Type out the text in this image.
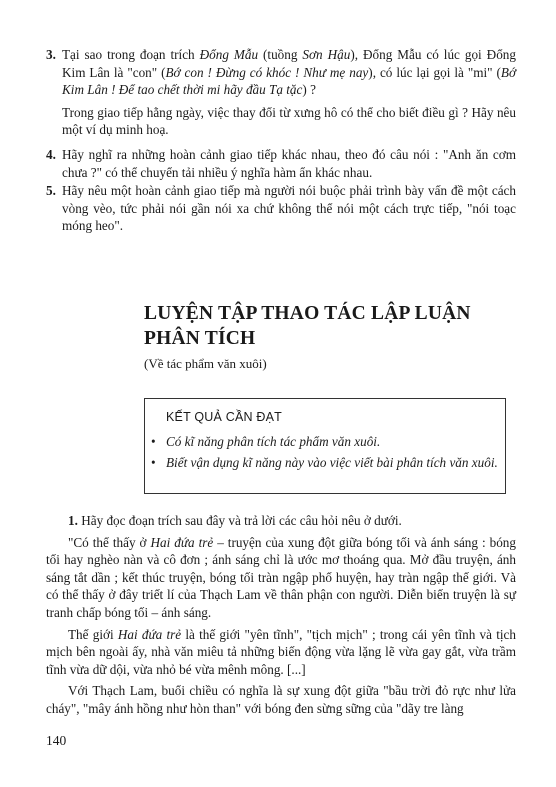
3. Tại sao trong đoạn trích Đổng Mẫu (tuồng Sơn Hậu), Đổng Mẫu có lúc gọi Đổng Kim Lân là "con" (Bớ con ! Đừng có khóc ! Như mẹ nay), có lúc lại gọi là "mi" (Bớ Kim Lân ! Để tao chết thời mi hãy đầu Tạ tặc) ?

Trong giao tiếp hằng ngày, việc thay đổi từ xưng hô có thể cho biết điều gì ? Hãy nêu một ví dụ minh hoạ.

4. Hãy nghĩ ra những hoàn cảnh giao tiếp khác nhau, theo đó câu nói : "Anh ăn cơm chưa ?" có thể chuyển tải nhiều ý nghĩa hàm ẩn khác nhau.

5. Hãy nêu một hoàn cảnh giao tiếp mà người nói buộc phải trình bày vấn đề một cách vòng vèo, tức phải nói gần nói xa chứ không thể nói một cách trực tiếp, "nói toạc móng heo".

LUYỆN TẬP THAO TÁC LẬP LUẬN PHÂN TÍCH
(Về tác phẩm văn xuôi)
KẾT QUẢ CẦN ĐẠT
• Có kĩ năng phân tích tác phẩm văn xuôi.
• Biết vận dụng kĩ năng này vào việc viết bài phân tích văn xuôi.

1. Hãy đọc đoạn trích sau đây và trả lời các câu hỏi nêu ở dưới.

"Có thể thấy ở Hai đứa trẻ – truyện của xung đột giữa bóng tối và ánh sáng : bóng tối hay nghèo nàn và cô đơn ; ánh sáng chỉ là ước mơ thoáng qua. Mở đầu truyện, ánh sáng tắt dần ; kết thúc truyện, bóng tối tràn ngập phố huyện, hay tràn ngập thế giới. Và có thể thấy ở đây triết lí của Thạch Lam về thân phận con người. Diễn biến truyện là sự tranh chấp bóng tối – ánh sáng.

Thế giới Hai đứa trẻ là thế giới "yên tĩnh", "tịch mịch" ; trong cái yên tĩnh và tịch mịch bên ngoài ấy, nhà văn miêu tả những biến động vừa lặng lẽ vừa gay gắt, vừa trầm tĩnh vừa dữ dội, vừa nhỏ bé vừa mênh mông. [...]

Với Thạch Lam, buổi chiều có nghĩa là sự xung đột giữa "bầu trời đỏ rực như lửa cháy", "mây ánh hồng như hòn than" với bóng đen sừng sững của "dãy tre làng

140
